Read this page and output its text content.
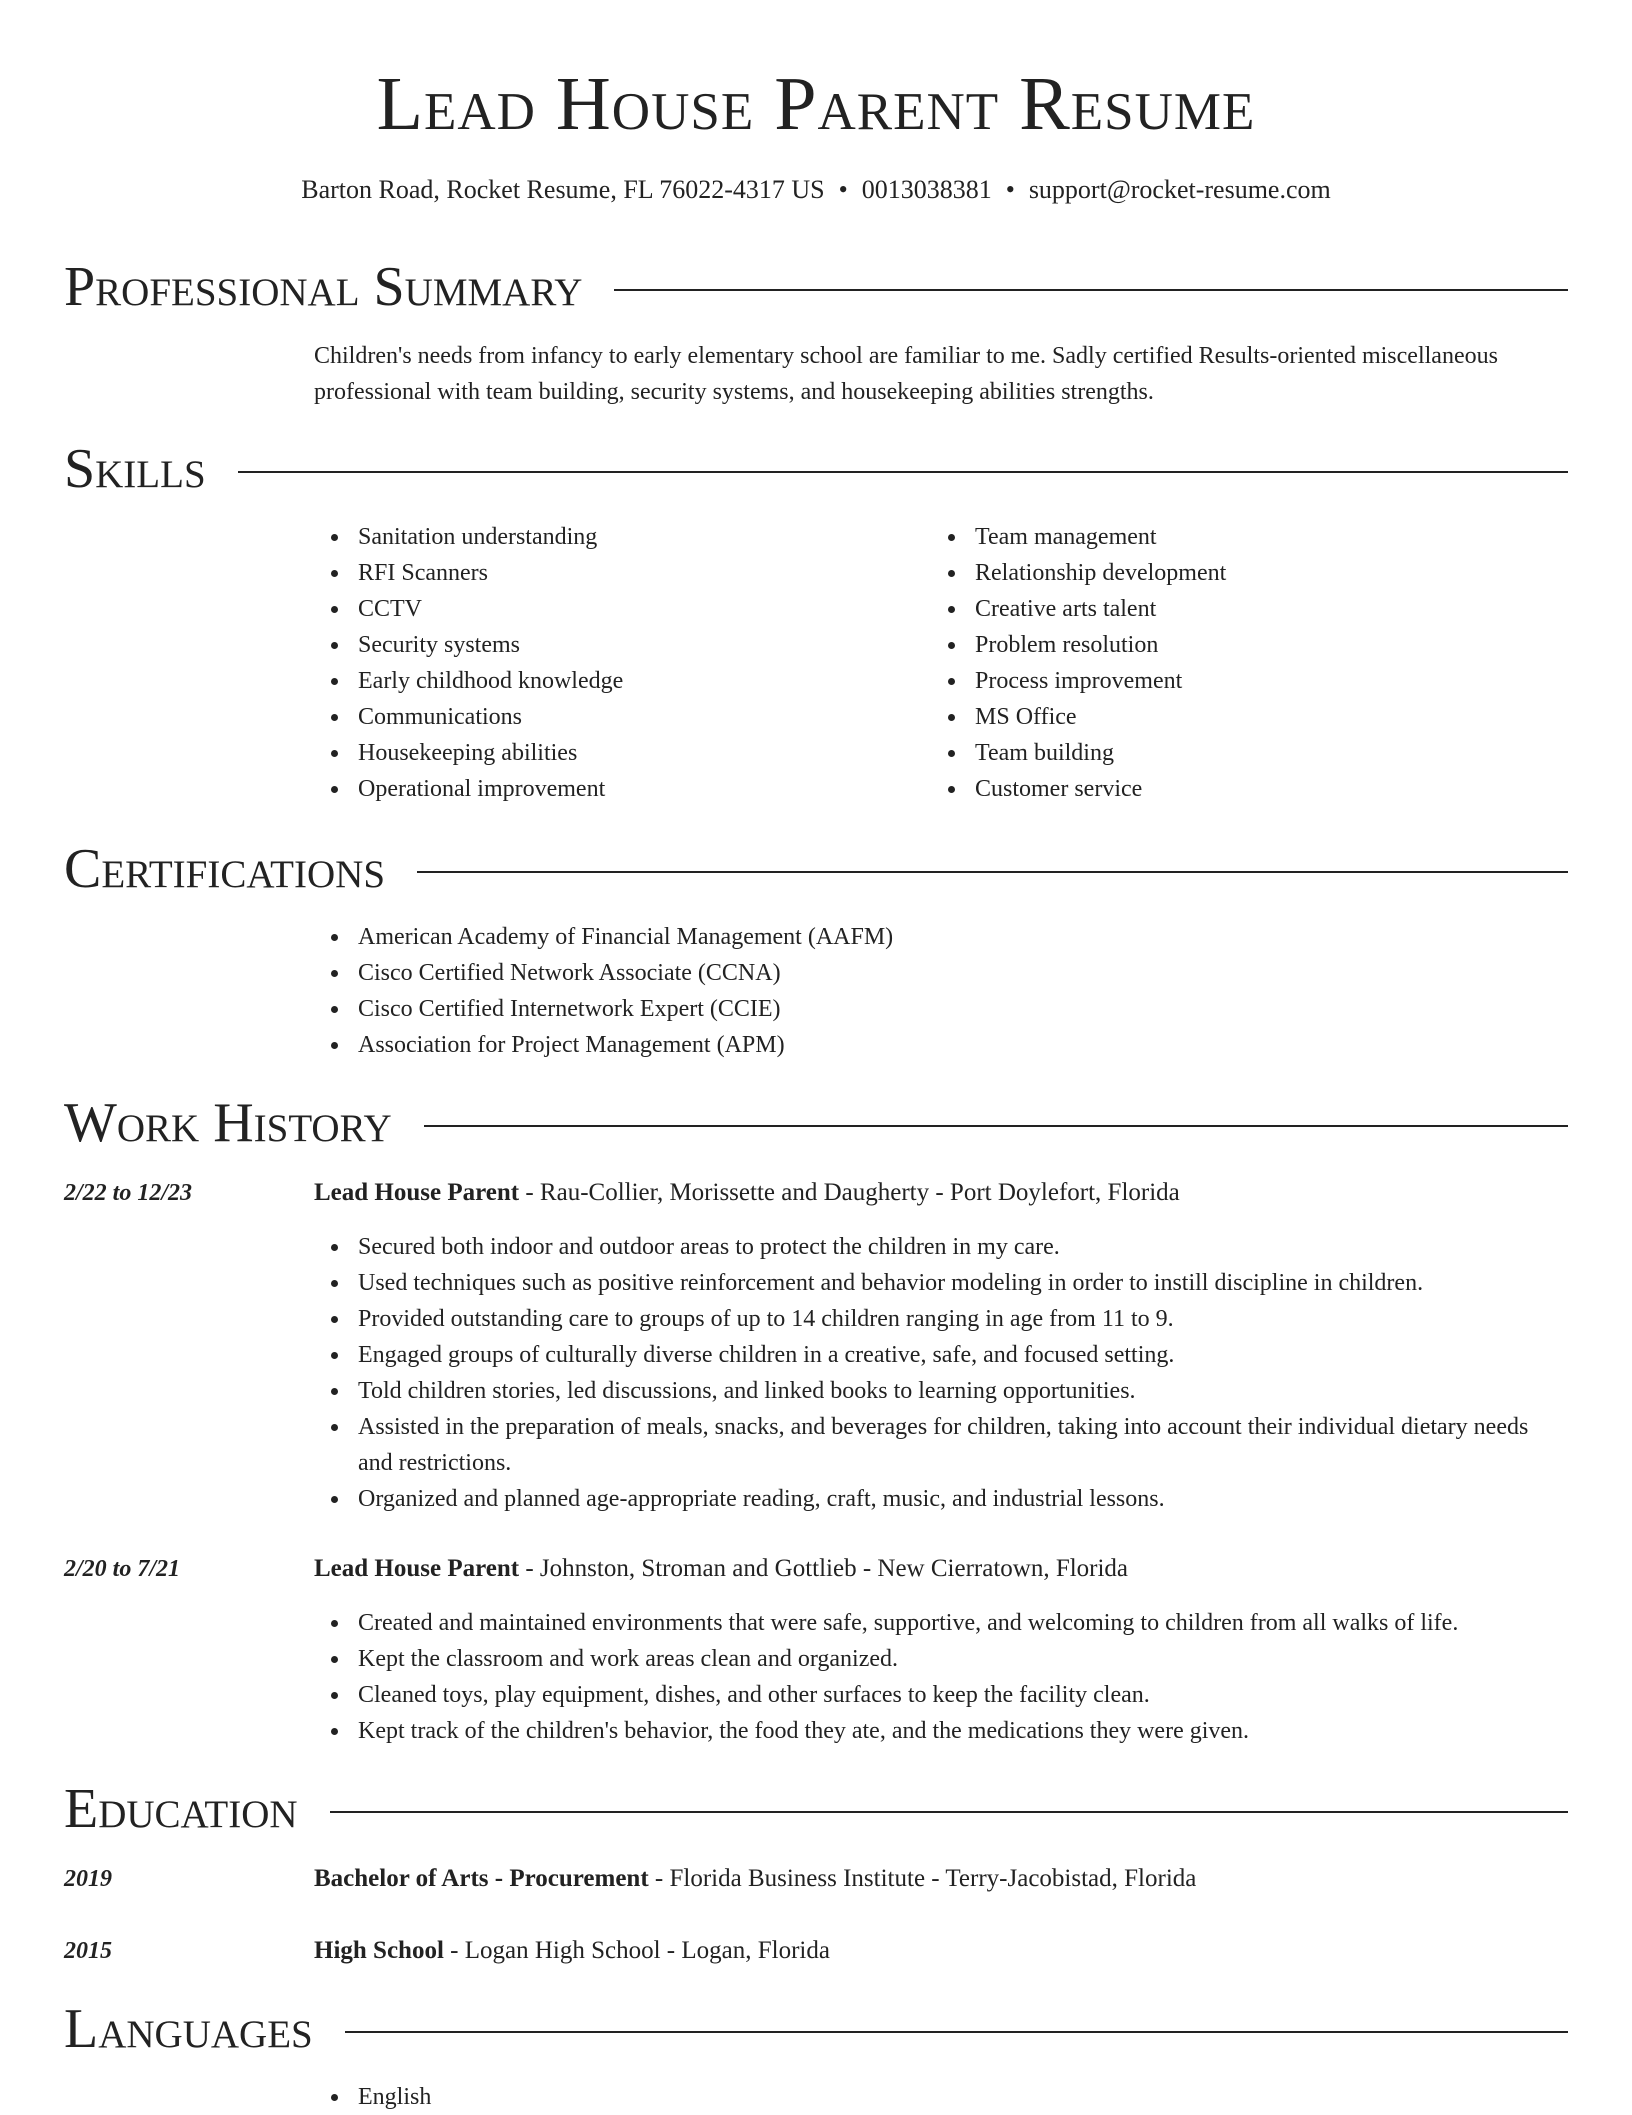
Lead House Parent Resume
Barton Road, Rocket Resume, FL 76022-4317 US • 0013038381 • support@rocket-resume.com
Professional Summary
Children's needs from infancy to early elementary school are familiar to me. Sadly certified Results-oriented miscellaneous professional with team building, security systems, and housekeeping abilities strengths.
Skills
Sanitation understanding
RFI Scanners
CCTV
Security systems
Early childhood knowledge
Communications
Housekeeping abilities
Operational improvement
Team management
Relationship development
Creative arts talent
Problem resolution
Process improvement
MS Office
Team building
Customer service
Certifications
American Academy of Financial Management (AAFM)
Cisco Certified Network Associate (CCNA)
Cisco Certified Internetwork Expert (CCIE)
Association for Project Management (APM)
Work History
2/22 to 12/23	Lead House Parent - Rau-Collier, Morissette and Daugherty - Port Doylefort, Florida
Secured both indoor and outdoor areas to protect the children in my care.
Used techniques such as positive reinforcement and behavior modeling in order to instill discipline in children.
Provided outstanding care to groups of up to 14 children ranging in age from 11 to 9.
Engaged groups of culturally diverse children in a creative, safe, and focused setting.
Told children stories, led discussions, and linked books to learning opportunities.
Assisted in the preparation of meals, snacks, and beverages for children, taking into account their individual dietary needs and restrictions.
Organized and planned age-appropriate reading, craft, music, and industrial lessons.
2/20 to 7/21	Lead House Parent - Johnston, Stroman and Gottlieb - New Cierratown, Florida
Created and maintained environments that were safe, supportive, and welcoming to children from all walks of life.
Kept the classroom and work areas clean and organized.
Cleaned toys, play equipment, dishes, and other surfaces to keep the facility clean.
Kept track of the children's behavior, the food they ate, and the medications they were given.
Education
2019	Bachelor of Arts - Procurement - Florida Business Institute - Terry-Jacobistad, Florida
2015	High School - Logan High School - Logan, Florida
Languages
English
